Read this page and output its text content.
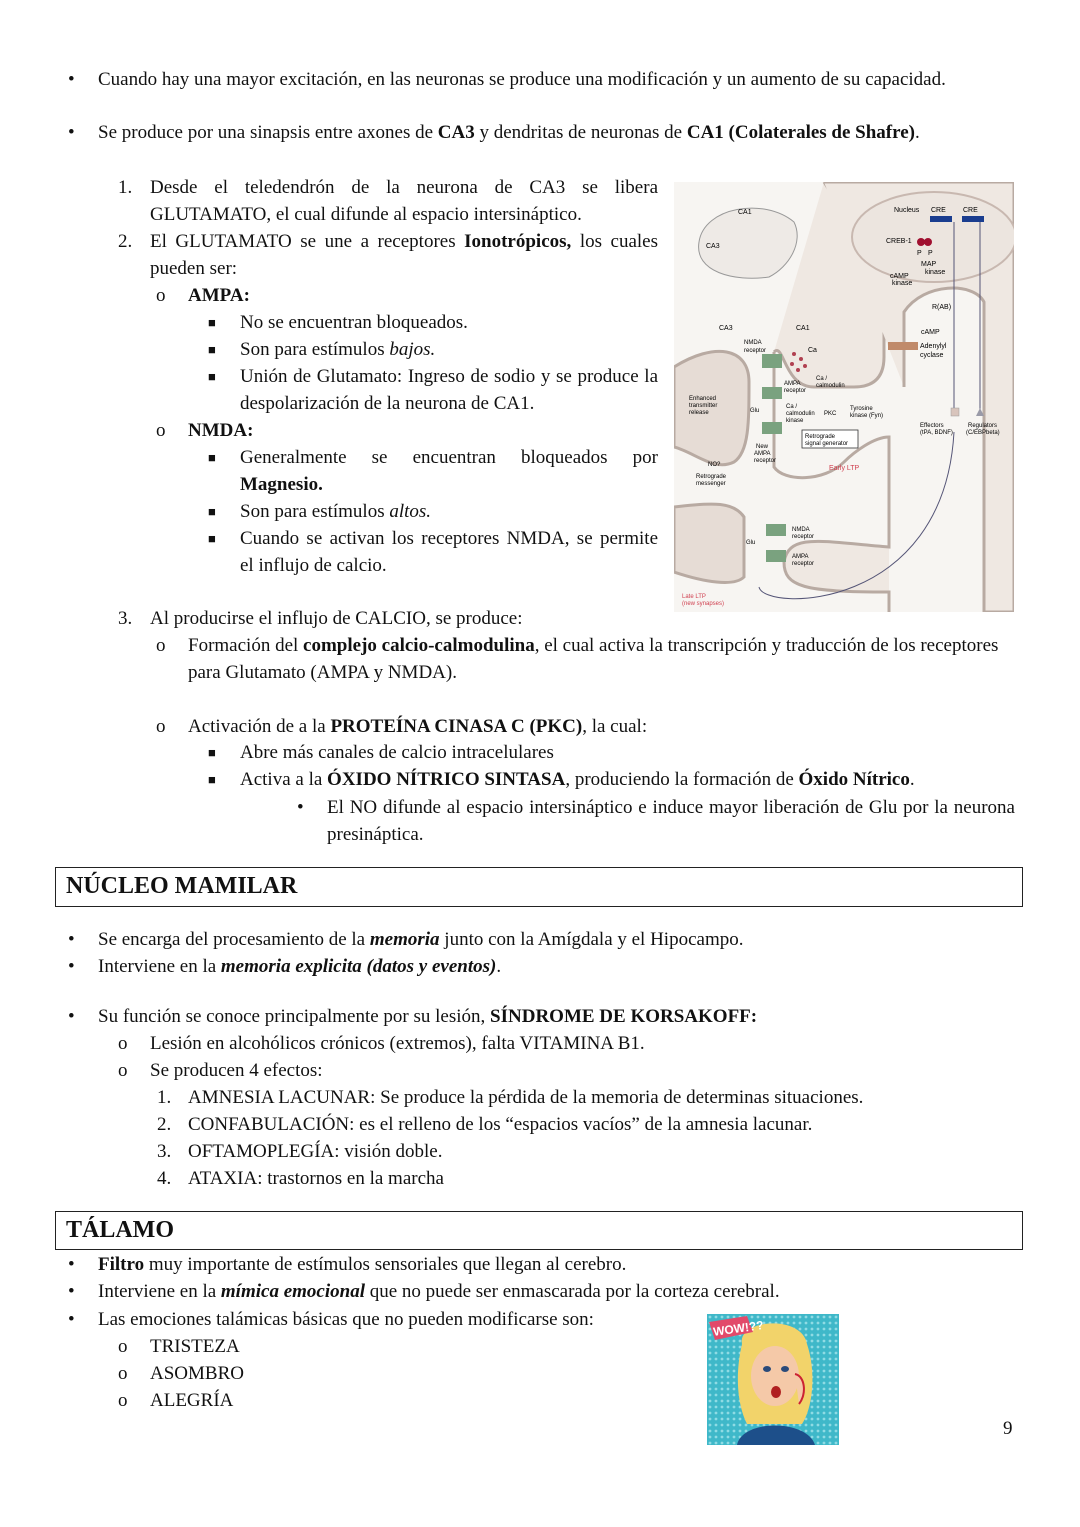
• Cuando hay una mayor excitación, en las neuronas se produce una modificación y un aumento de su capacidad.
• Se produce por una sinapsis entre axones de CA3 y dendritas de neuronas de CA1 (Colaterales de Shafre).
1. Desde el teledendrón de la neurona de CA3 se libera GLUTAMATO, el cual difunde al espacio intersináptico.
2. El GLUTAMATO se une a receptores Ionotrópicos, los cuales pueden ser:
o AMPA:
■ No se encuentran bloqueados.
■ Son para estímulos bajos.
■ Unión de Glutamato: Ingreso de sodio y se produce la despolarización de la neurona de CA1.
o NMDA:
■ Generalmente se encuentran bloqueados por Magnesio.
■ Son para estímulos altos.
■ Cuando se activan los receptores NMDA, se permite el influjo de calcio.
CA1
CA3
Nucleus CRE CRE
CREB-1
P P
MAP
kinase
cAMP
kinase
R(AB)
cAMP
Adenylyl
cyclase
CA3	CA1
NMDA
receptor	Ca
AMPA
receptor
Ca /
calmodulin
Enhanced
transmitter
release	Glu
Ca /
calmodulin
kinase
PKC
Tyrosine
kinase (Fyn)
Retrograde
signal generator
New
AMPA
receptor
NO?
Retrograde
messenger
Early LTP
Effectors
(tPA, BDNF)
Regulators
(C/EBPbeta)
Glu
NMDA
receptor
AMPA
receptor
Late LTP
(new synapses)
3. Al producirse el influjo de CALCIO, se produce:
o Formación del complejo calcio-calmodulina, el cual activa la transcripción y traducción de los receptores para Glutamato (AMPA y NMDA).
o Activación de a la PROTEÍNA CINASA C (PKC), la cual:
■ Abre más canales de calcio intracelulares
■ Activa a la ÓXIDO NÍTRICO SINTASA, produciendo la formación de Óxido Nítrico.
• El NO difunde al espacio intersináptico e induce mayor liberación de Glu por la neurona presináptica.
NÚCLEO MAMILAR
• Se encarga del procesamiento de la memoria junto con la Amígdala y el Hipocampo.
• Interviene en la memoria explicita (datos y eventos).
• Su función se conoce principalmente por su lesión, SÍNDROME DE KORSAKOFF:
o Lesión en alcohólicos crónicos (extremos), falta VITAMINA B1.
o Se producen 4 efectos:
1. AMNESIA LACUNAR: Se produce la pérdida de la memoria de determinas situaciones.
2. CONFABULACIÓN: es el relleno de los “espacios vacíos” de la amnesia lacunar.
3. OFTAMOPLEGÍA: visión doble.
4. ATAXIA: trastornos en la marcha
TÁLAMO
• Filtro muy importante de estímulos sensoriales que llegan al cerebro.
• Interviene en la mímica emocional que no puede ser enmascarada por la corteza cerebral.
• Las emociones talámicas básicas que no pueden modificarse son:
o TRISTEZA
o ASOMBRO
o ALEGRÍA
WOW!??
9
